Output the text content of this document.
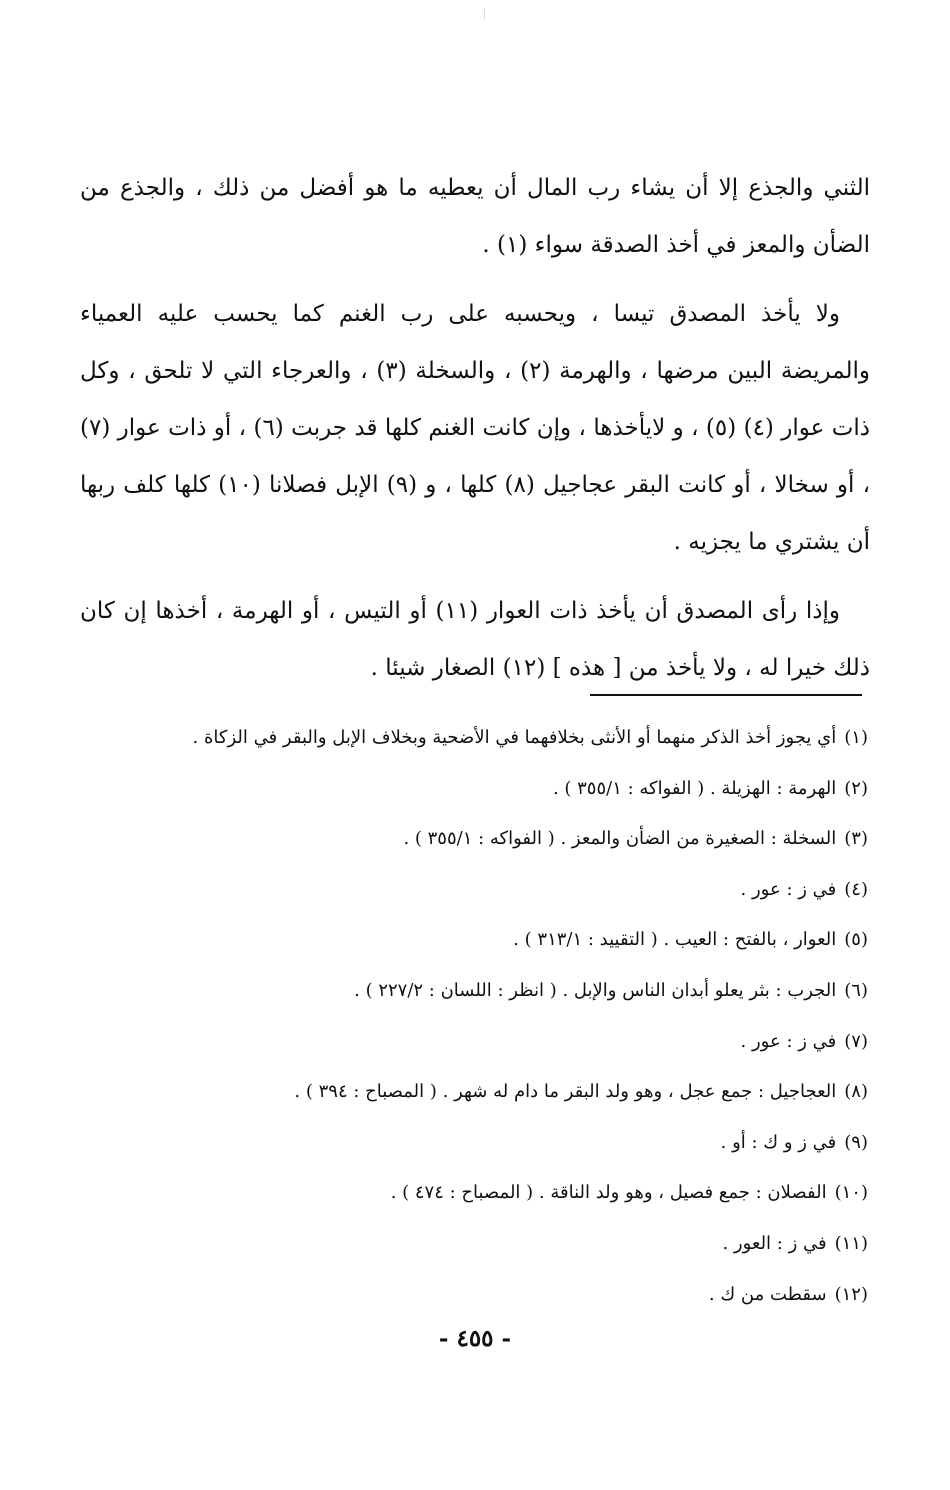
الثني والجذع إلا أن يشاء رب المال أن يعطيه ما هو أفضل من ذلك ، والجذع من الضأن والمعز في أخذ الصدقة سواء (١) .

ولا يأخذ المصدق تيسا ، ويحسبه على رب الغنم كما يحسب عليه العمياء والمريضة البين مرضها ، والهرمة (٢) ، والسخلة (٣) ، والعرجاء التي لا تلحق ، وكل ذات عوار (٤) (٥) ، و لايأخذها ، وإن كانت الغنم كلها قد جربت (٦) ، أو ذات عوار (٧) ، أو سخالا ، أو كانت البقر عجاجيل (٨) كلها ، و (٩) الإبل فصلانا (١٠) كلها كلف ربها أن يشتري ما يجزيه .

وإذا رأى المصدق أن يأخذ ذات العوار (١١) أو التيس ، أو الهرمة ، أخذها إن كان ذلك خيرا له ، ولا يأخذ من [ هذه ] (١٢) الصغار شيئا .

(١)أي يجوز أخذ الذكر منهما أو الأنثى بخلافهما في الأضحية وبخلاف الإبل والبقر في الزكاة .
(٢)الهرمة : الهزيلة . ( الفواكه : ٣٥٥/١ ) .
(٣)السخلة : الصغيرة من الضأن والمعز . ( الفواكه : ٣٥٥/١ ) .
(٤)في ز : عور .
(٥)العوار ، بالفتح : العيب . ( التقييد : ٣١٣/١ ) .
(٦)الجرب : بثر يعلو أبدان الناس والإبل . ( انظر : اللسان : ٢٢٧/٢ ) .
(٧)في ز : عور .
(٨)العجاجيل : جمع عجل ، وهو ولد البقر ما دام له شهر . ( المصباح : ٣٩٤ ) .
(٩)في ز و ك : أو .
(١٠)الفصلان : جمع فصيل ، وهو ولد الناقة . ( المصباح : ٤٧٤ ) .
(١١)في ز : العور .
(١٢)سقطت من ك .
- ٤٥٥ -
